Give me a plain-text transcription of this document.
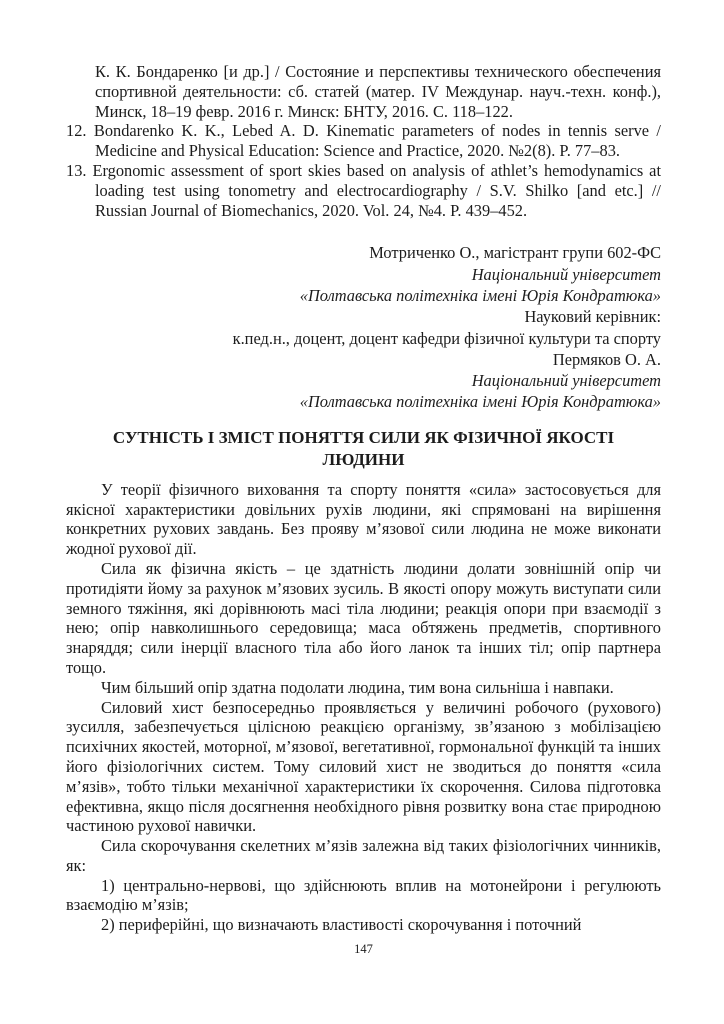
К. К. Бондаренко [и др.] / Состояние и перспективы технического обеспечения спортивной деятельности: сб. статей (матер. IV Междунар. науч.-техн. конф.), Минск, 18–19 февр. 2016 г. Минск: БНТУ, 2016. С. 118–122.

12. Bondarenko K. K., Lebed A. D. Kinematic parameters of nodes in tennis serve / Medicine and Physical Education: Science and Practice, 2020. №2(8). P. 77–83.

13. Ergonomic assessment of sport skies based on analysis of athlet’s hemodynamics at loading test using tonometry and electrocardiography / S.V. Shilko [and etc.] // Russian Journal of Biomechanics, 2020. Vol. 24, №4. P. 439–452.

Мотриченко О., магістрант групи 602-ФС

Національний університет

«Полтавська політехніка імені Юрія Кондратюка»

Науковий керівник:

к.пед.н., доцент, доцент кафедри фізичної культури та спорту

Пермяков О. А.

Національний університет

«Полтавська політехніка імені Юрія Кондратюка»

СУТНІСТЬ І ЗМІСТ ПОНЯТТЯ СИЛИ ЯК ФІЗИЧНОЇ ЯКОСТІ ЛЮДИНИ

У теорії фізичного виховання та спорту поняття «сила» застосовується для якісної характеристики довільних рухів людини, які спрямовані на вирішення конкретних рухових завдань. Без прояву м’язової сили людина не може виконати жодної рухової дії.

Сила як фізична якість – це здатність людини долати зовнішній опір чи протидіяти йому за рахунок м’язових зусиль. В якості опору можуть виступати сили земного тяжіння, які дорівнюють масі тіла людини; реакція опори при взаємодії з нею; опір навколишнього середовища; маса обтяжень предметів, спортивного знаряддя; сили інерції власного тіла або його ланок та інших тіл; опір партнера тощо.

Чим більший опір здатна подолати людина, тим вона сильніша і навпаки.

Силовий хист безпосередньо проявляється у величині робочого (рухового) зусилля, забезпечується цілісною реакцією організму, зв’язаною з мобілізацією психічних якостей, моторної, м’язової, вегетативної, гормональної функцій та інших його фізіологічних систем. Тому силовий хист не зводиться до поняття «сила м’язів», тобто тільки механічної характеристики їх скорочення. Силова підготовка ефективна, якщо після досягнення необхідного рівня розвитку вона стає природною частиною рухової навички.

Сила скорочування скелетних м’язів залежна від таких фізіологічних чинників, як:

1) центрально-нервові, що здійснюють вплив на мотонейрони і регулюють взаємодію м’язів;

2) периферійні, що визначають властивості скорочування і поточний

147
